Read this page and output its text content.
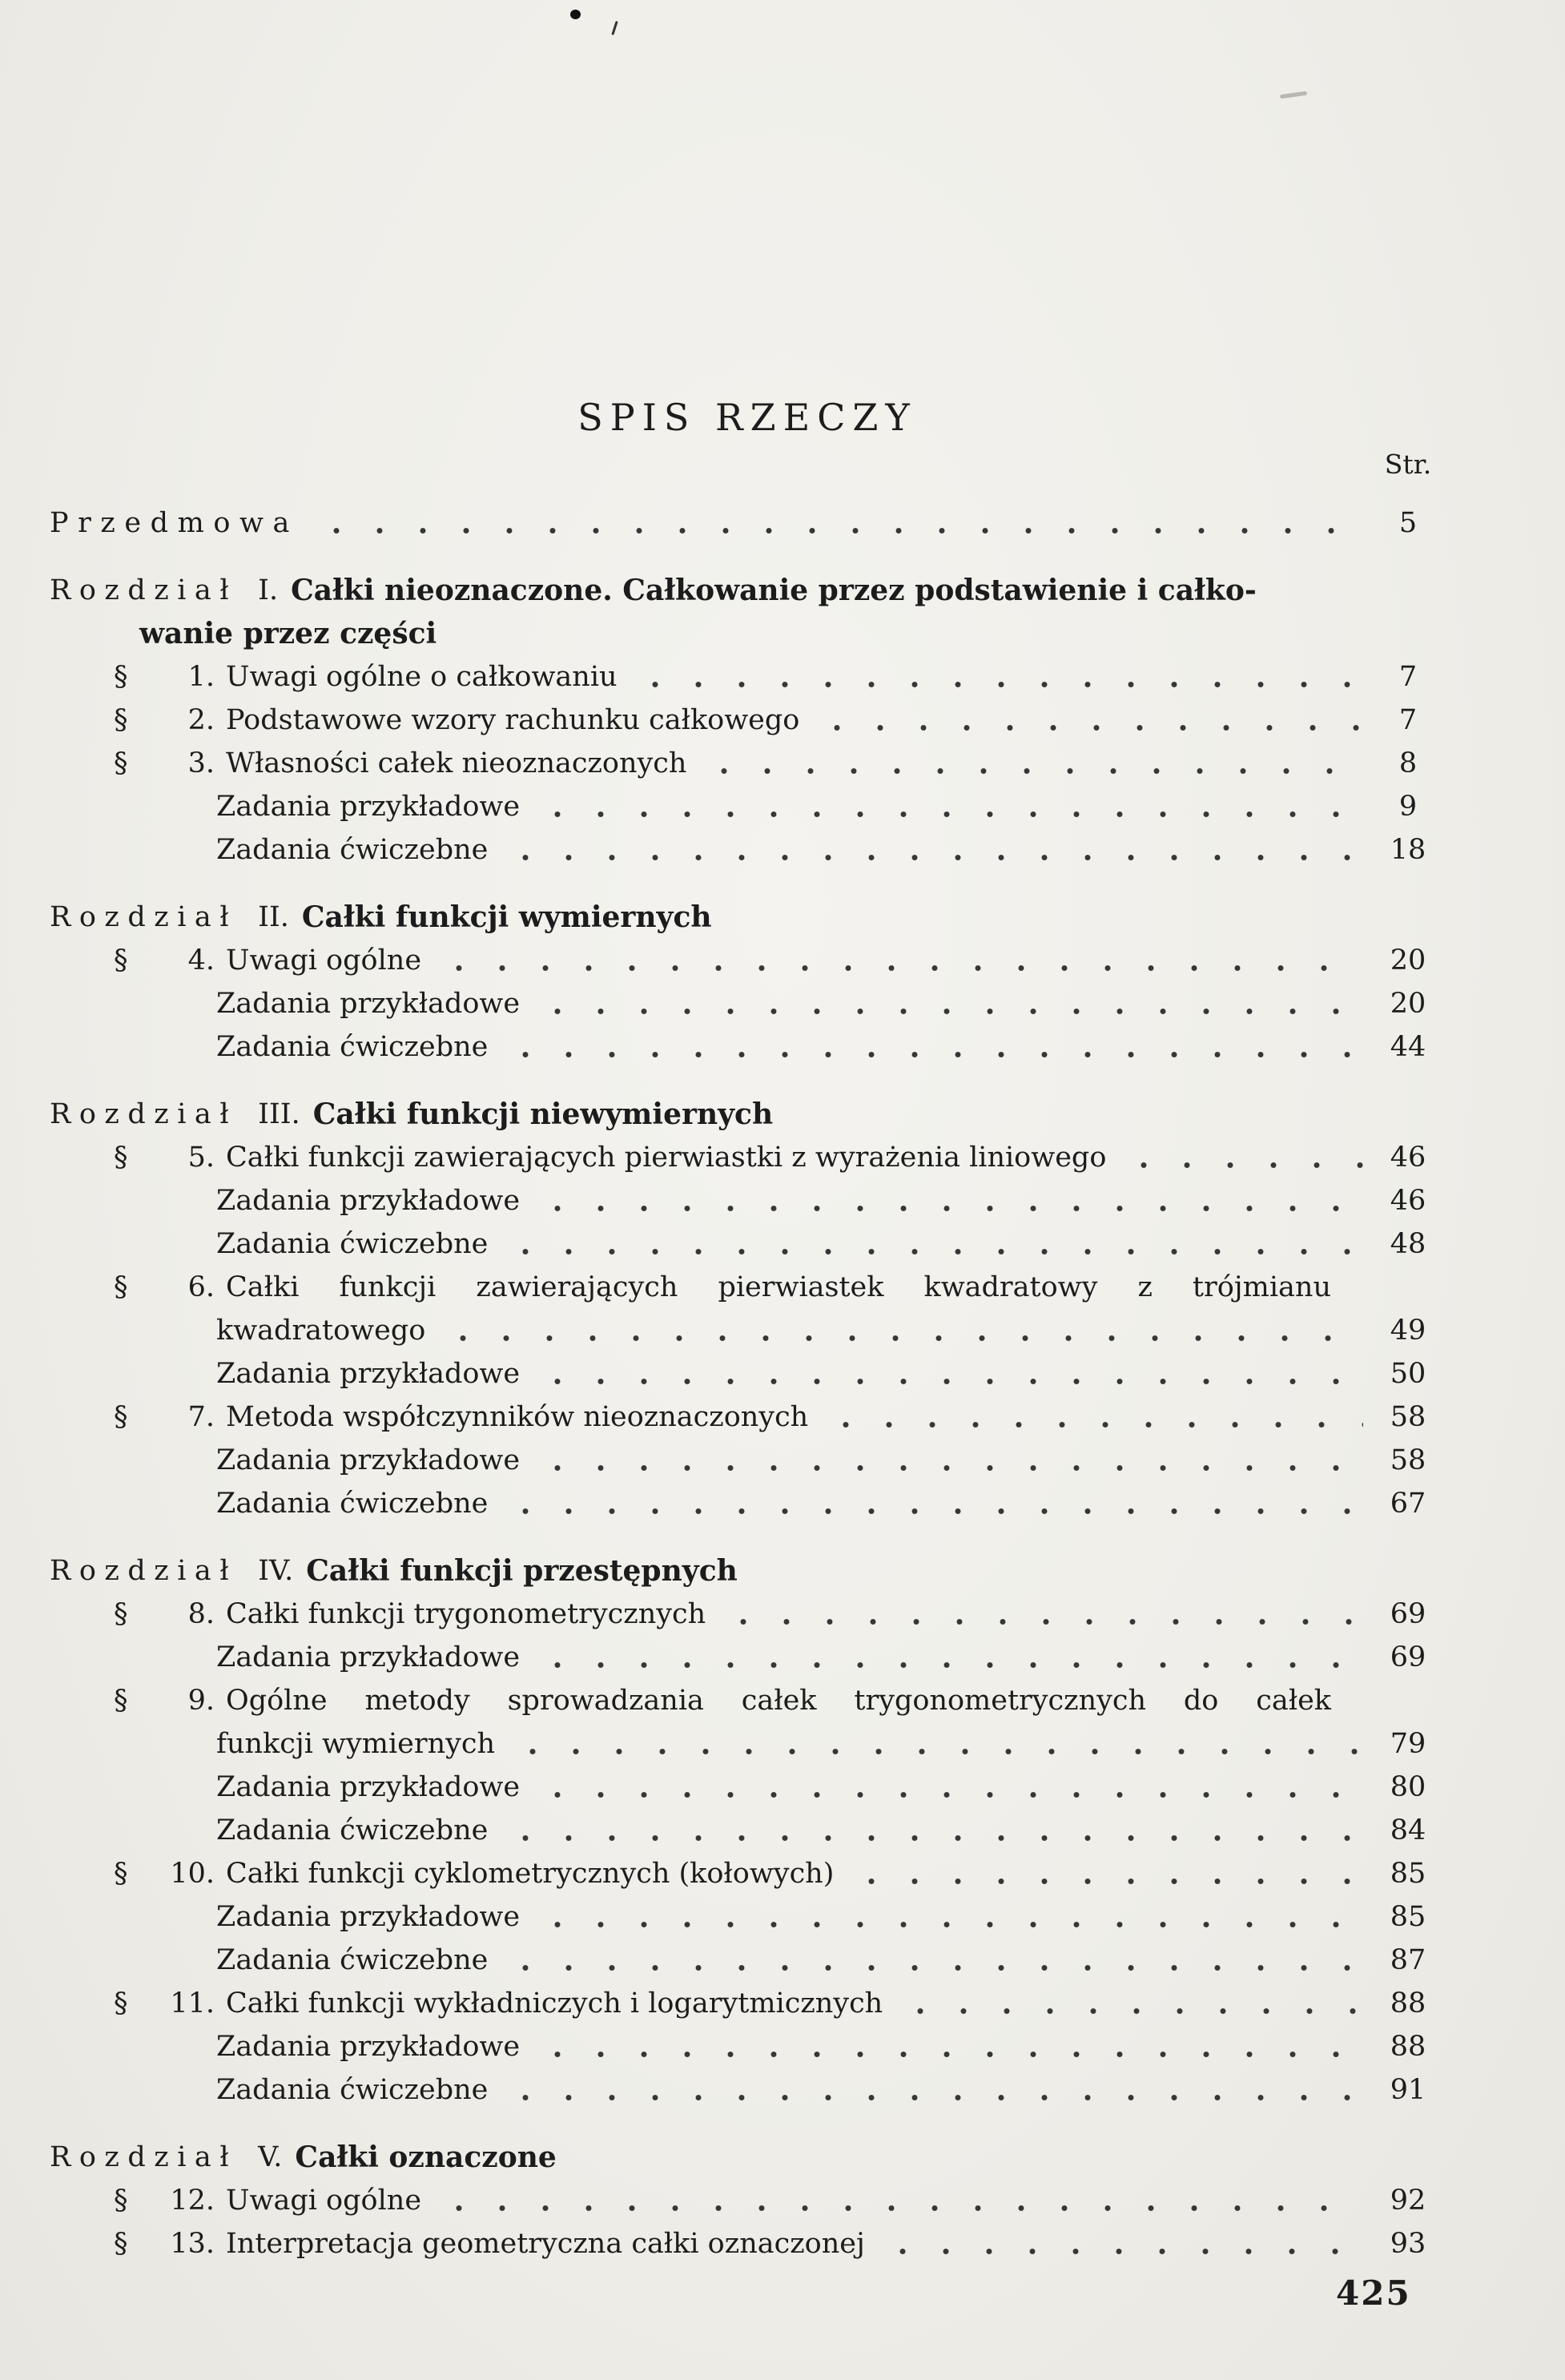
SPIS RZECZY
Str.
Przedmowa	5
Rozdział I. Całki nieoznaczone. Całkowanie przez podstawienie i całko-
wanie przez części
§ 1. Uwagi ogólne o całkowaniu	7
§ 2. Podstawowe wzory rachunku całkowego	7
§ 3. Własności całek nieoznaczonych	8
Zadania przykładowe	9
Zadania ćwiczebne	18
Rozdział II. Całki funkcji wymiernych
§ 4. Uwagi ogólne	20
Zadania przykładowe	20
Zadania ćwiczebne	44
Rozdział III. Całki funkcji niewymiernych
§ 5. Całki funkcji zawierających pierwiastki z wyrażenia liniowego	46
Zadania przykładowe	46
Zadania ćwiczebne	48
§ 6. Całki funkcji zawierających pierwiastek kwadratowy z trójmianu
kwadratowego	49
Zadania przykładowe	50
§ 7. Metoda współczynników nieoznaczonych	58
Zadania przykładowe	58
Zadania ćwiczebne	67
Rozdział IV. Całki funkcji przestępnych
§ 8. Całki funkcji trygonometrycznych	69
Zadania przykładowe	69
§ 9. Ogólne metody sprowadzania całek trygonometrycznych do całek
funkcji wymiernych	79
Zadania przykładowe	80
Zadania ćwiczebne	84
§ 10. Całki funkcji cyklometrycznych (kołowych)	85
Zadania przykładowe	85
Zadania ćwiczebne	87
§ 11. Całki funkcji wykładniczych i logarytmicznych	88
Zadania przykładowe	88
Zadania ćwiczebne	91
Rozdział V. Całki oznaczone
§ 12. Uwagi ogólne	92
§ 13. Interpretacja geometryczna całki oznaczonej	93
425
